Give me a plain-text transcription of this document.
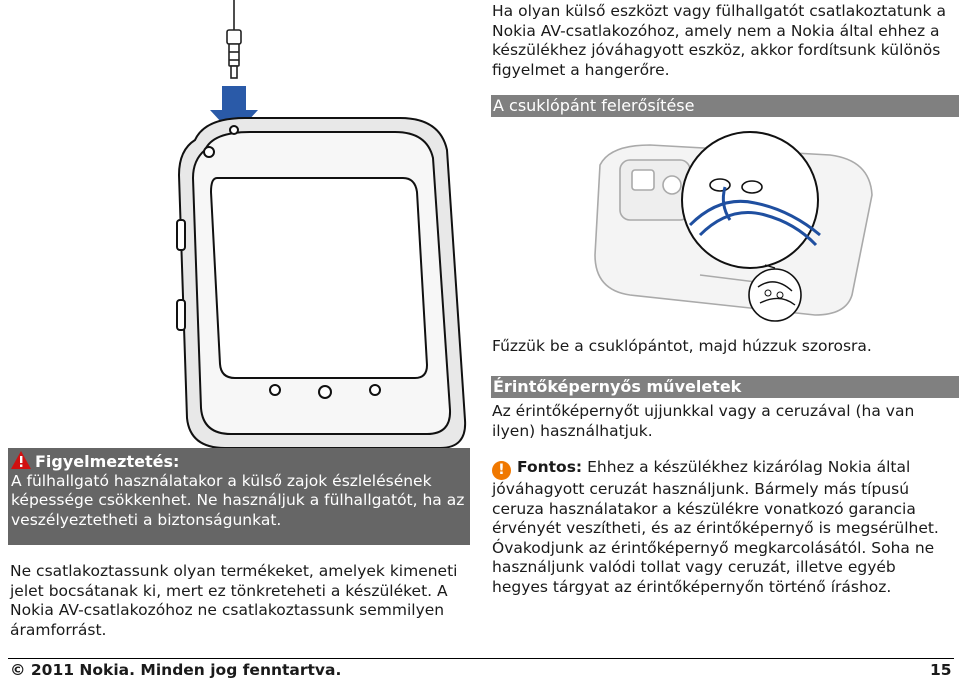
Ha olyan külső eszközt vagy fülhallgatót csatlakoztatunk a Nokia AV-csatlakozóhoz, amely nem a Nokia által ehhez a készülékhez jóváhagyott eszköz, akkor fordítsunk különös figyelmet a hangerőre.
A csuklópánt felerősítése
Fűzzük be a csuklópántot, majd húzzuk szorosra.
Érintőképernyős műveletek
Az érintőképernyőt ujjunkkal vagy a ceruzával (ha van ilyen) használhatjuk.
Figyelmeztetés:
A fülhallgató használatakor a külső zajok észlelésének képessége csökkenhet. Ne használjuk a fülhallgatót, ha az veszélyeztetheti a biztonságunkat.
Ne csatlakoztassunk olyan termékeket, amelyek kimeneti jelet bocsátanak ki, mert ez tönkreteheti a készüléket. A Nokia AV-csatlakozóhoz ne csatlakoztassunk semmilyen áramforrást.
! Fontos: Ehhez a készülékhez kizárólag Nokia által jóváhagyott ceruzát használjunk. Bármely más típusú ceruza használatakor a készülékre vonatkozó garancia érvényét veszítheti, és az érintőképernyő is megsérülhet. Óvakodjunk az érintőképernyő megkarcolásától. Soha ne használjunk valódi tollat vagy ceruzát, illetve egyéb hegyes tárgyat az érintőképernyőn történő íráshoz.
© 2011 Nokia. Minden jog fenntartva.	15
